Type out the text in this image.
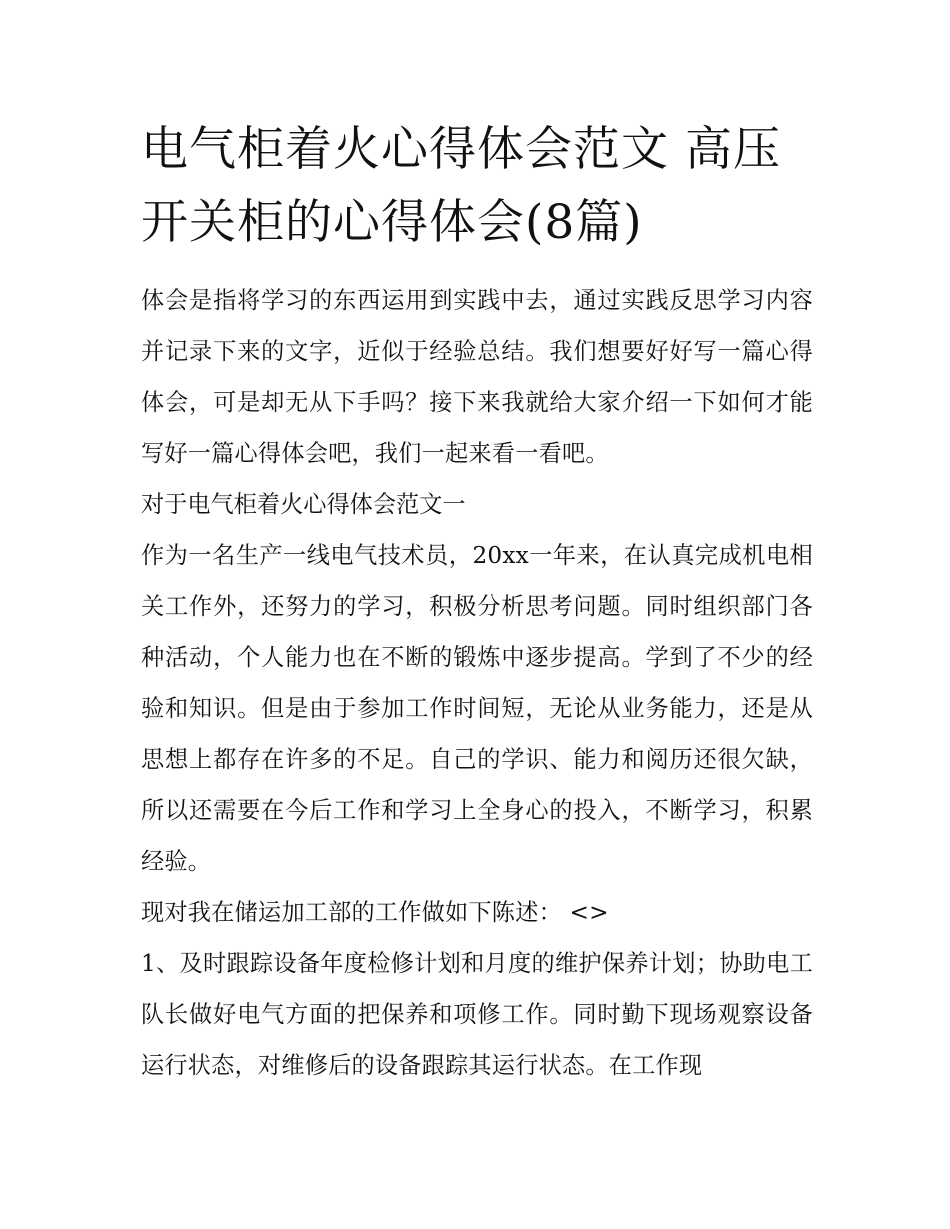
电气柜着火心得体会范文 高压开关柜的心得体会(8篇)

体会是指将学习的东西运用到实践中去，通过实践反思学习内容并记录下来的文字，近似于经验总结。我们想要好好写一篇心得体会，可是却无从下手吗？接下来我就给大家介绍一下如何才能写好一篇心得体会吧，我们一起来看一看吧。

对于电气柜着火心得体会范文一

作为一名生产一线电气技术员，20xx一年来，在认真完成机电相关工作外，还努力的学习，积极分析思考问题。同时组织部门各种活动，个人能力也在不断的锻炼中逐步提高。学到了不少的经验和知识。但是由于参加工作时间短，无论从业务能力，还是从思想上都存在许多的不足。自己的学识、能力和阅历还很欠缺，所以还需要在今后工作和学习上全身心的投入，不断学习，积累经验。

现对我在储运加工部的工作做如下陈述： <>

1、及时跟踪设备年度检修计划和月度的维护保养计划；协助电工队长做好电气方面的把保养和项修工作。同时勤下现场观察设备运行状态，对维修后的设备跟踪其运行状态。在工作现
